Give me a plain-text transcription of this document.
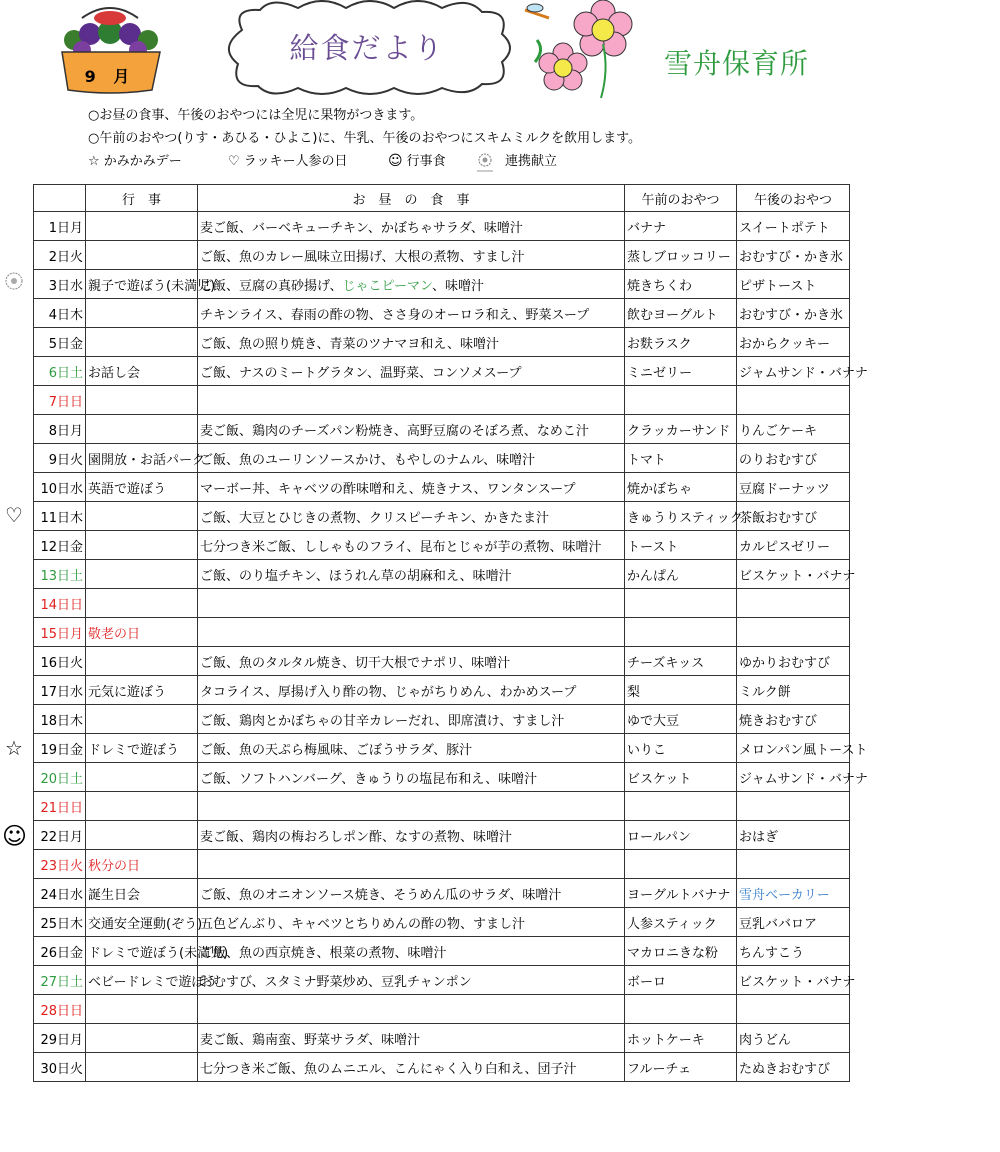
9 月
給食だより	雪舟保育所
○お昼の食事、午後のおやつには全児に果物がつきます。
○午前のおやつ(りす・あひる・ひよこ)に、牛乳、午後のおやつにスキムミルクを飲用します。
☆ かみかみデー	♡ ラッキー人参の日	☺ 行事食	連携献立
♡
☆
☺
	行　事	お　昼　の　食　事	午前のおやつ	午後のおやつ
1日月		麦ご飯、バーベキューチキン、かぼちゃサラダ、味噌汁	バナナ	スイートポテト
2日火		ご飯、魚のカレー風味立田揚げ、大根の煮物、すまし汁	蒸しブロッコリー	おむすび・かき氷
3日水	親子で遊ぼう(未満児)	ご飯、豆腐の真砂揚げ、じゃこピーマン、味噌汁	焼きちくわ	ピザトースト
4日木		チキンライス、春雨の酢の物、ささ身のオーロラ和え、野菜スープ	飲むヨーグルト	おむすび・かき氷
5日金		ご飯、魚の照り焼き、青菜のツナマヨ和え、味噌汁	お麩ラスク	おからクッキー
6日土	お話し会	ご飯、ナスのミートグラタン、温野菜、コンソメスープ	ミニゼリー	ジャムサンド・バナナ
7日日				
8日月		麦ご飯、鶏肉のチーズパン粉焼き、高野豆腐のそぼろ煮、なめこ汁	クラッカーサンド	りんごケーキ
9日火	園開放・お話パーク	ご飯、魚のユーリンソースかけ、もやしのナムル、味噌汁	トマト	のりおむすび
10日水	英語で遊ぼう	マーボー丼、キャベツの酢味噌和え、焼きナス、ワンタンスープ	焼かぼちゃ	豆腐ドーナッツ
11日木		ご飯、大豆とひじきの煮物、クリスピーチキン、かきたま汁	きゅうりスティック	茶飯おむすび
12日金		七分つき米ご飯、ししゃものフライ、昆布とじゃが芋の煮物、味噌汁	トースト	カルピスゼリー
13日土		ご飯、のり塩チキン、ほうれん草の胡麻和え、味噌汁	かんぱん	ビスケット・バナナ
14日日				
15日月	敬老の日			
16日火		ご飯、魚のタルタル焼き、切干大根でナポリ、味噌汁	チーズキッス	ゆかりおむすび
17日水	元気に遊ぼう	タコライス、厚揚げ入り酢の物、じゃがちりめん、わかめスープ	梨	ミルク餅
18日木		ご飯、鶏肉とかぼちゃの甘辛カレーだれ、即席漬け、すまし汁	ゆで大豆	焼きおむすび
19日金	ドレミで遊ぼう	ご飯、魚の天ぷら梅風味、ごぼうサラダ、豚汁	いりこ	メロンパン風トースト
20日土		ご飯、ソフトハンバーグ、きゅうりの塩昆布和え、味噌汁	ビスケット	ジャムサンド・バナナ
21日日				
22日月		麦ご飯、鶏肉の梅おろしポン酢、なすの煮物、味噌汁	ロールパン	おはぎ
23日火	秋分の日			
24日水	誕生日会	ご飯、魚のオニオンソース焼き、そうめん瓜のサラダ、味噌汁	ヨーグルトバナナ	雪舟ベーカリー
25日木	交通安全運動(ぞう)	五色どんぶり、キャベツとちりめんの酢の物、すまし汁	人参スティック	豆乳ババロア
26日金	ドレミで遊ぼう(未満児)	ご飯、魚の西京焼き、根菜の煮物、味噌汁	マカロニきな粉	ちんすこう
27日土	ベビードレミで遊ぼう	おむすび、スタミナ野菜炒め、豆乳チャンポン	ボーロ	ビスケット・バナナ
28日日				
29日月		麦ご飯、鶏南蛮、野菜サラダ、味噌汁	ホットケーキ	肉うどん
30日火		七分つき米ご飯、魚のムニエル、こんにゃく入り白和え、団子汁	フルーチェ	たぬきおむすび
